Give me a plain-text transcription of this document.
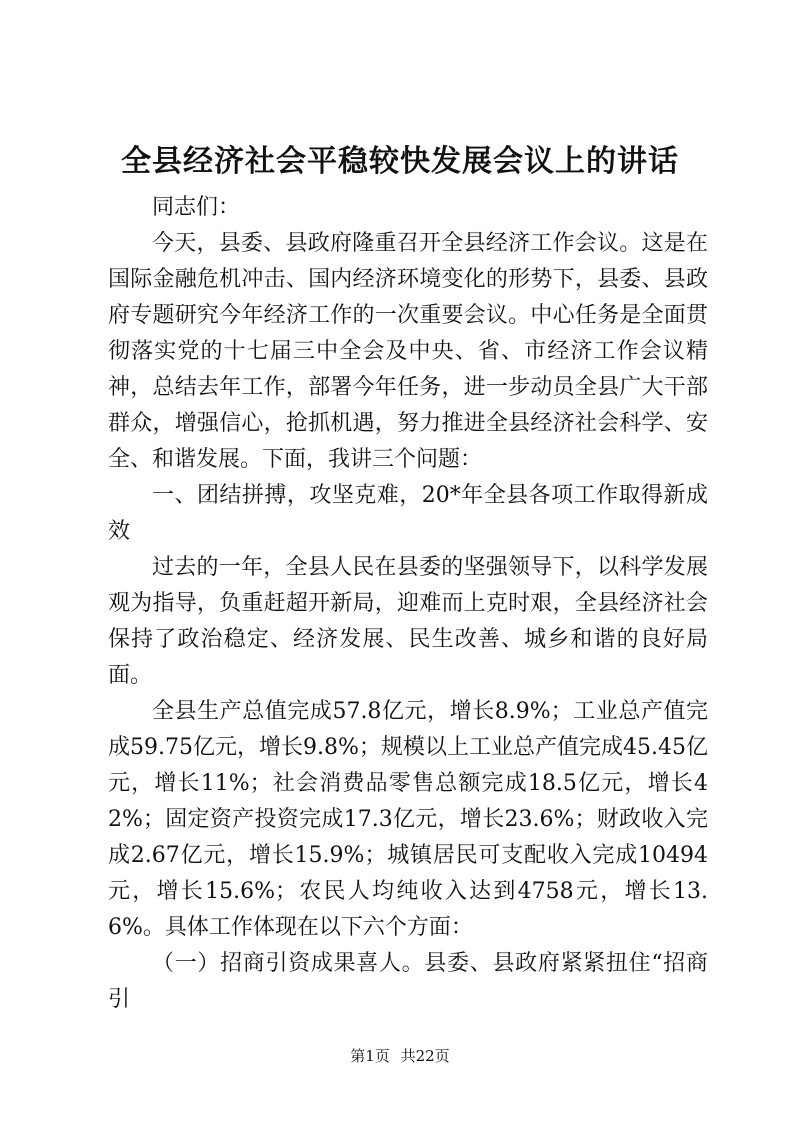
全县经济社会平稳较快发展会议上的讲话

同志们：

今天，县委、县政府隆重召开全县经济工作会议。这是在国际金融危机冲击、国内经济环境变化的形势下，县委、县政府专题研究今年经济工作的一次重要会议。中心任务是全面贯彻落实党的十七届三中全会及中央、省、市经济工作会议精神，总结去年工作，部署今年任务，进一步动员全县广大干部群众，增强信心，抢抓机遇，努力推进全县经济社会科学、安全、和谐发展。下面，我讲三个问题：

一、团结拼搏，攻坚克难，20*年全县各项工作取得新成效

过去的一年，全县人民在县委的坚强领导下，以科学发展观为指导，负重赶超开新局，迎难而上克时艰，全县经济社会保持了政治稳定、经济发展、民生改善、城乡和谐的良好局面。

全县生产总值完成57.8亿元，增长8.9%；工业总产值完成59.75亿元，增长9.8%；规模以上工业总产值完成45.45亿元，增长11%；社会消费品零售总额完成18.5亿元，增长42%；固定资产投资完成17.3亿元，增长23.6%；财政收入完成2.67亿元，增长15.9%；城镇居民可支配收入完成10494元，增长15.6%；农民人均纯收入达到4758元，增长13.6%。具体工作体现在以下六个方面：

（一）招商引资成果喜人。县委、县政府紧紧扭住“招商引

第1页 共22页
